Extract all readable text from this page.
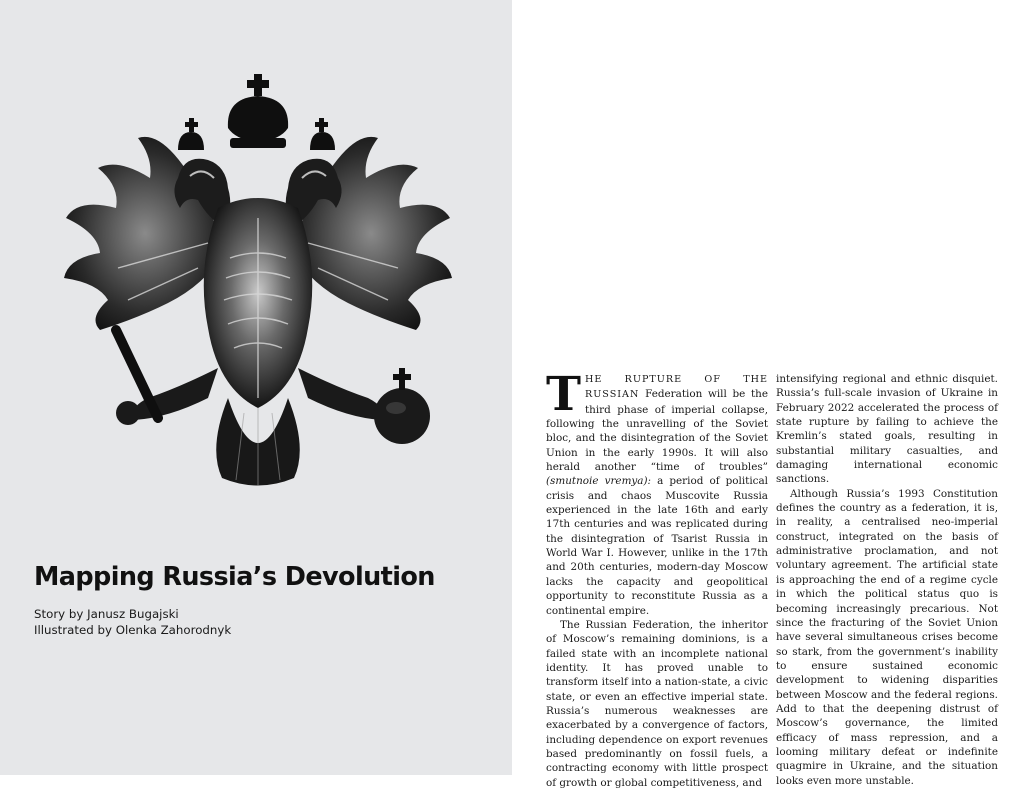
Mapping Russia’s Devolution

Story by Janusz Bugajski

Illustrated by Olenka Zahorodnyk

THE RUPTURE OF THE RUSSIAN Federation will be the third phase of imperial collapse, following the unravelling of the Soviet bloc, and the disintegration of the Soviet Union in the early 1990s. It will also herald another “time of troubles” (smutnoie vremya): a period of political crisis and chaos Muscovite Russia experienced in the late 16th and early 17th centuries and was replicated during the disintegration of Tsarist Russia in World War I. However, unlike in the 17th and 20th centuries, modern-day Moscow lacks the capacity and geopolitical opportunity to reconstitute Russia as a continental empire.

The Russian Federation, the inheritor of Moscow’s remaining dominions, is a failed state with an incomplete national identity. It has proved unable to transform itself into a nation-state, a civic state, or even an effective imperial state. Russia’s numerous weaknesses are exacerbated by a convergence of factors, including dependence on export revenues based predominantly on fossil fuels, a contracting economy with little prospect of growth or global competitiveness, and

intensifying regional and ethnic disquiet. Russia’s full-scale invasion of Ukraine in February 2022 accelerated the process of state rupture by failing to achieve the Kremlin’s stated goals, resulting in substantial military casualties, and damaging international economic sanctions.

Although Russia’s 1993 Constitution defines the country as a federation, it is, in reality, a centralised neo-imperial construct, integrated on the basis of administrative proclamation, and not voluntary agreement. The artificial state is approaching the end of a regime cycle in which the political status quo is becoming increasingly precarious. Not since the fracturing of the Soviet Union have several simultaneous crises become so stark, from the government’s inability to ensure sustained economic development to widening disparities between Moscow and the federal regions. Add to that the deepening distrust of Moscow’s governance, the limited efficacy of mass repression, and a looming military defeat or indefinite quagmire in Ukraine, and the situation looks even more unstable.
